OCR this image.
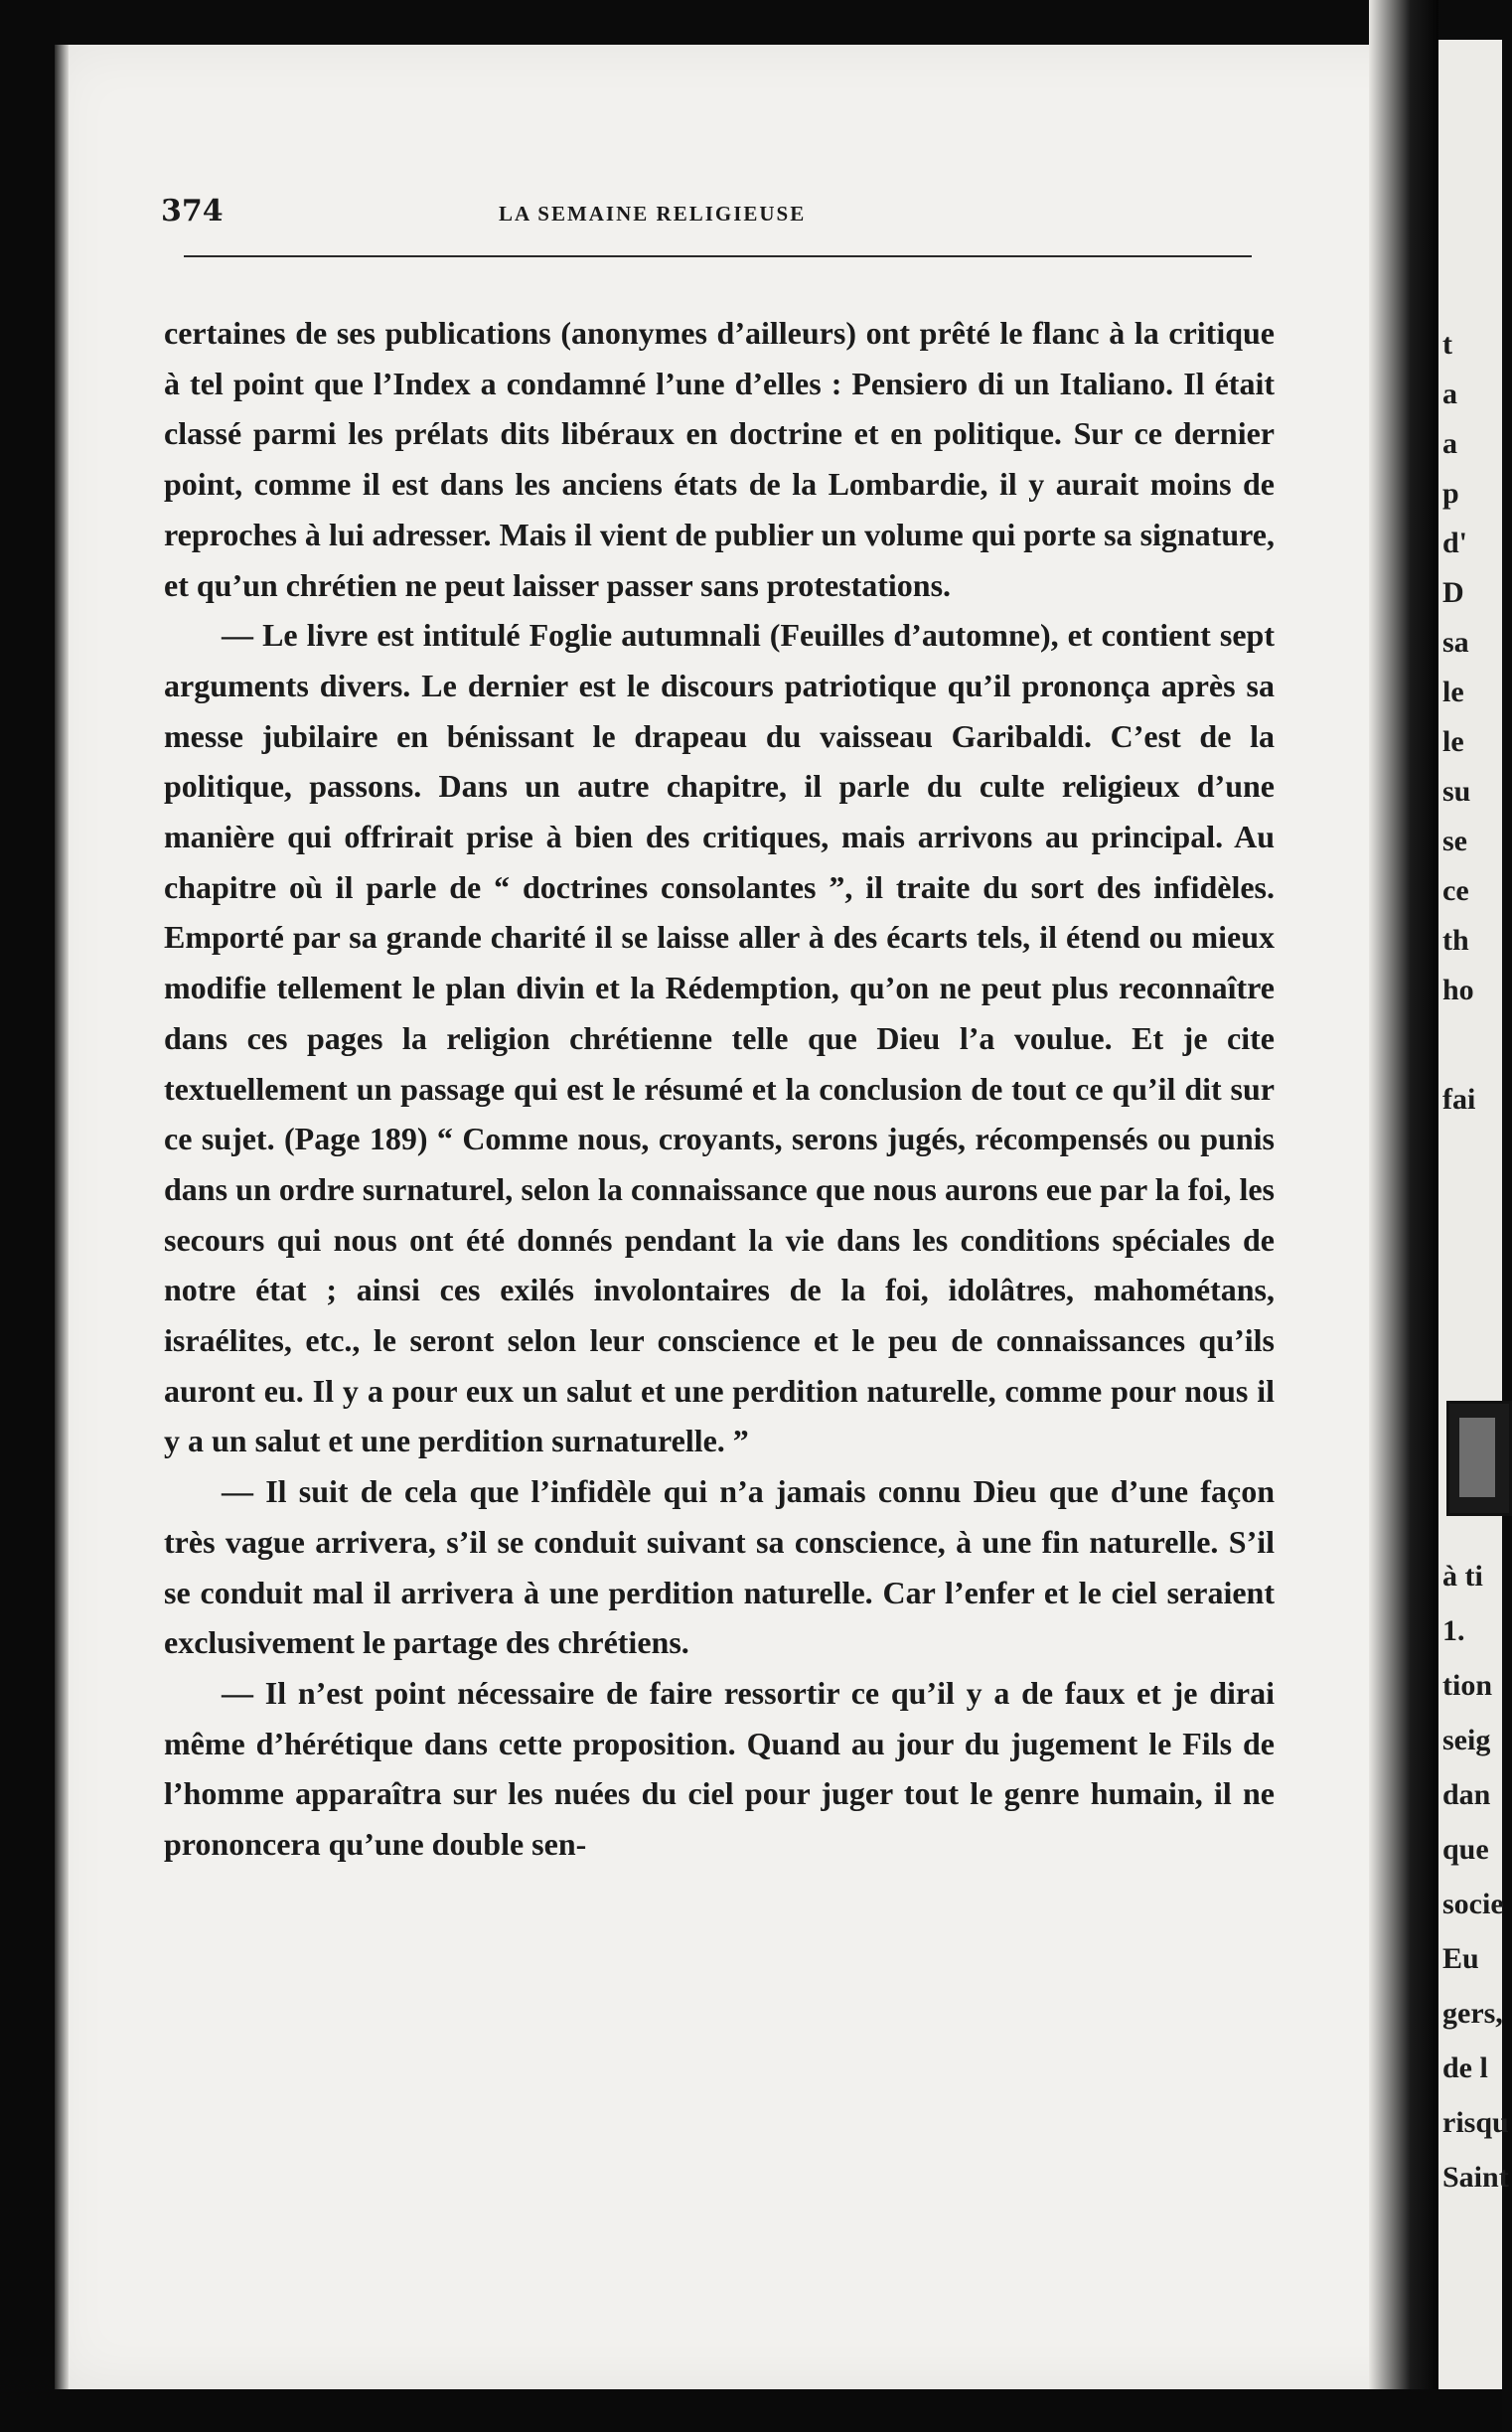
374	LA SEMAINE RELIGIEUSE

certaines de ses publications (anonymes d’ailleurs) ont prêté le flanc à la critique à tel point que l’Index a condamné l’une d’elles : Pensiero di un Italiano. Il était classé parmi les prélats dits libéraux en doctrine et en politique. Sur ce dernier point, comme il est dans les anciens états de la Lombardie, il y aurait moins de reproches à lui adresser. Mais il vient de publier un volume qui porte sa signature, et qu’un chrétien ne peut laisser passer sans protestations.

— Le livre est intitulé Foglie autumnali (Feuilles d’automne), et contient sept arguments divers. Le dernier est le discours patriotique qu’il prononça après sa messe jubilaire en bénissant le drapeau du vaisseau Garibaldi. C’est de la politique, passons. Dans un autre chapitre, il parle du culte religieux d’une manière qui offrirait prise à bien des critiques, mais arrivons au principal. Au chapitre où il parle de “ doctrines consolantes ”, il traite du sort des infidèles. Emporté par sa grande charité il se laisse aller à des écarts tels, il étend ou mieux modifie tellement le plan divin et la Rédemption, qu’on ne peut plus reconnaître dans ces pages la religion chrétienne telle que Dieu l’a voulue. Et je cite textuellement un passage qui est le résumé et la conclusion de tout ce qu’il dit sur ce sujet. (Page 189) “ Comme nous, croyants, serons jugés, récompensés ou punis dans un ordre surnaturel, selon la connaissance que nous aurons eue par la foi, les secours qui nous ont été donnés pendant la vie dans les conditions spéciales de notre état ; ainsi ces exilés involontaires de la foi, idolâtres, mahométans, israélites, etc., le seront selon leur conscience et le peu de connaissances qu’ils auront eu. Il y a pour eux un salut et une perdition naturelle, comme pour nous il y a un salut et une perdition surnaturelle. ”

— Il suit de cela que l’infidèle qui n’a jamais connu Dieu que d’une façon très vague arrivera, s’il se conduit suivant sa conscience, à une fin naturelle. S’il se conduit mal il arrivera à une perdition naturelle. Car l’enfer et le ciel seraient exclusivement le partage des chrétiens.

— Il n’est point nécessaire de faire ressortir ce qu’il y a de faux et je dirai même d’hérétique dans cette proposition. Quand au jour du jugement le Fils de l’homme apparaîtra sur les nuées du ciel pour juger tout le genre humain, il ne prononcera qu’une double sen-

t
a
a
p
d'
D
sa
le
le
su
se
ce
th
ho
fai
à ti
1.
tion
seig
dan
que
socie
Eu
gers,
de l
risqu
Saint
